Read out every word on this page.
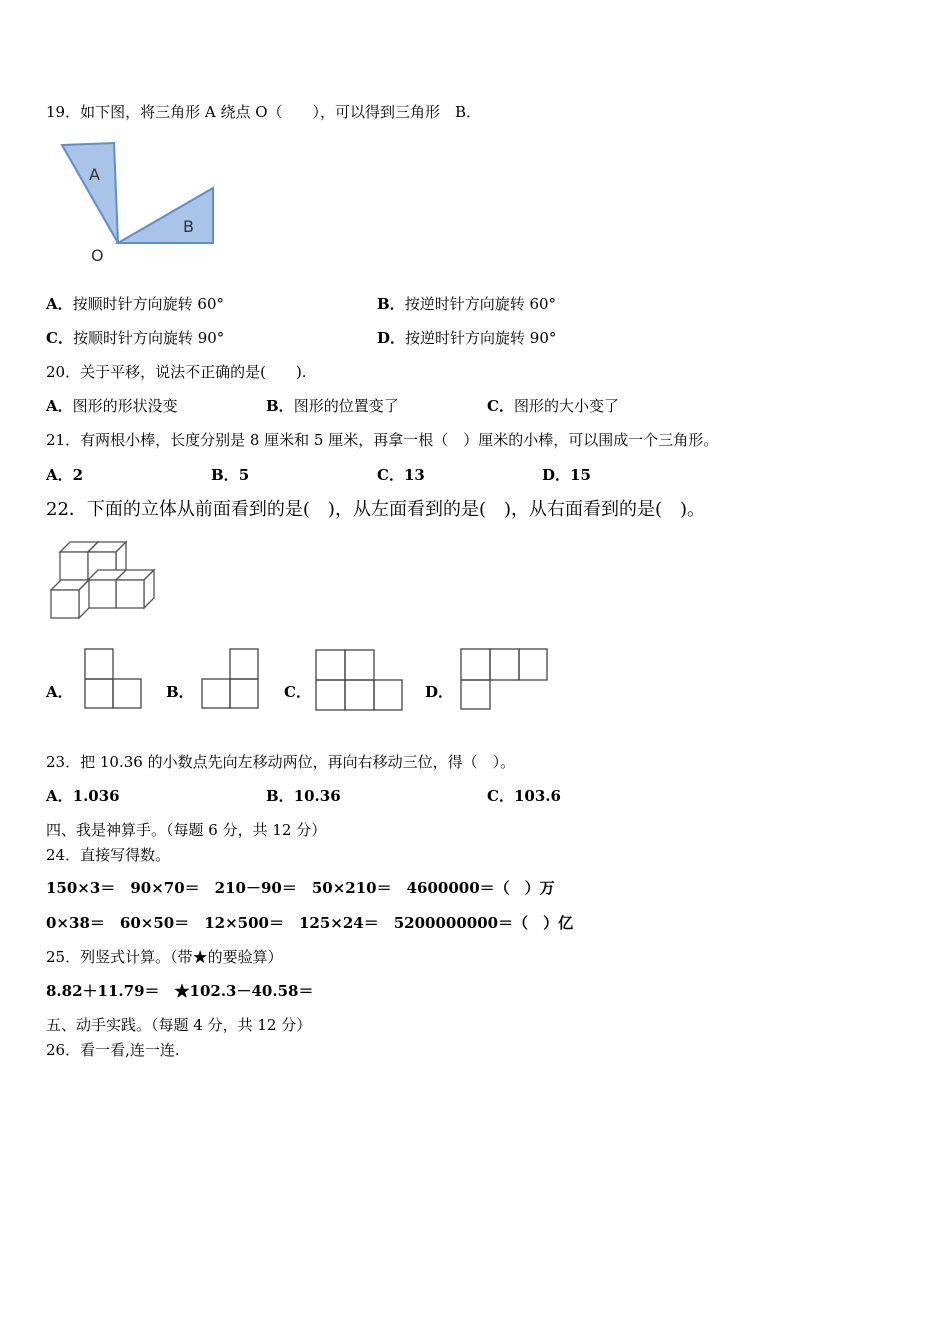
19．如下图，将三角形 A 绕点 O（　　），可以得到三角形　B．
A
B
O
A．按顺时针方向旋转 60°	B．按逆时针方向旋转 60°
C．按顺时针方向旋转 90°	D．按逆时针方向旋转 90°
20．关于平移，说法不正确的是(　　).
A．图形的形状没变	B．图形的位置变了	C．图形的大小变了
21．有两根小棒，长度分别是 8 厘米和 5 厘米，再拿一根（　）厘米的小棒，可以围成一个三角形。
A．2	B．5	C．13	D．15
22．下面的立体从前面看到的是(　)，从左面看到的是(　)，从右面看到的是(　)。
A．	B．	C．	D．
23．把 10.36 的小数点先向左移动两位，再向右移动三位，得（　）。
A．1.036	B．10.36	C．103.6
四、我是神算手。（每题 6 分，共 12 分）
24．直接写得数。
150×3＝　90×70＝　210－90＝　50×210＝　4600000＝（　）万
0×38＝　60×50＝　12×500＝　125×24＝　5200000000＝（　）亿
25．列竖式计算。（带★的要验算）
8.82＋11.79＝　★102.3－40.58＝
五、动手实践。（每题 4 分，共 12 分）
26．看一看,连一连.
